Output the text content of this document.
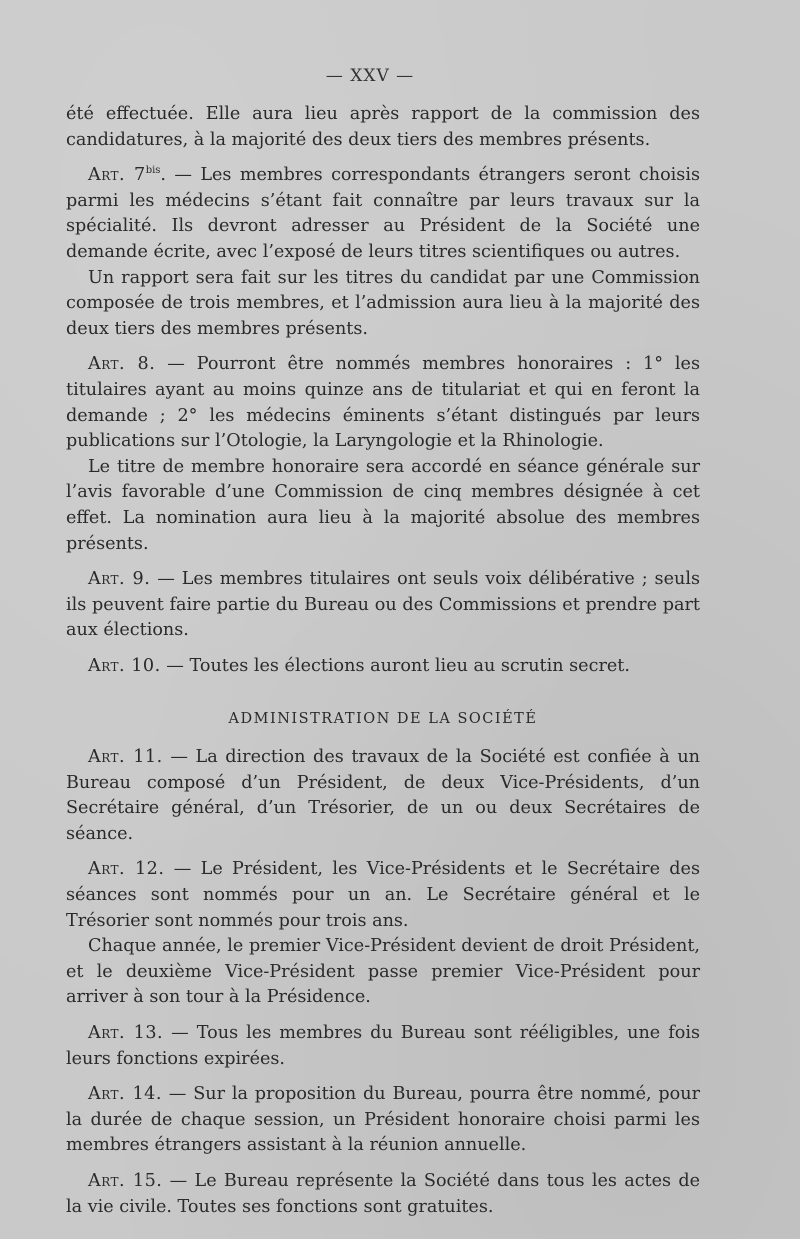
— XXV —

été effectuée. Elle aura lieu après rapport de la commission des candidatures, à la majorité des deux tiers des membres présents.

Art. $7^{bis}$. — Les membres correspondants étrangers seront choisis parmi les médecins s’étant fait connaître par leurs travaux sur la spécialité. Ils devront adresser au Président de la Société une demande écrite, avec l’exposé de leurs titres scientifiques ou autres.

Un rapport sera fait sur les titres du candidat par une Commission composée de trois membres, et l’admission aura lieu à la majorité des deux tiers des membres présents.

Art. 8. — Pourront être nommés membres honoraires : 1° les titulaires ayant au moins quinze ans de titulariat et qui en feront la demande ; 2° les médecins éminents s’étant distingués par leurs publications sur l’Otologie, la Laryngologie et la Rhinologie.

Le titre de membre honoraire sera accordé en séance générale sur l’avis favorable d’une Commission de cinq membres désignée à cet effet. La nomination aura lieu à la majorité absolue des membres présents.

Art. 9. — Les membres titulaires ont seuls voix délibérative ; seuls ils peuvent faire partie du Bureau ou des Commissions et prendre part aux élections.

Art. 10. — Toutes les élections auront lieu au scrutin secret.

ADMINISTRATION DE LA SOCIÉTÉ

Art. 11. — La direction des travaux de la Société est confiée à un Bureau composé d’un Président, de deux Vice-Présidents, d’un Secrétaire général, d’un Trésorier, de un ou deux Secrétaires de séance.

Art. 12. — Le Président, les Vice-Présidents et le Secrétaire des séances sont nommés pour un an. Le Secrétaire général et le Trésorier sont nommés pour trois ans.

Chaque année, le premier Vice-Président devient de droit Président, et le deuxième Vice-Président passe premier Vice-Président pour arriver à son tour à la Présidence.

Art. 13. — Tous les membres du Bureau sont rééligibles, une fois leurs fonctions expirées.

Art. 14. — Sur la proposition du Bureau, pourra être nommé, pour la durée de chaque session, un Président honoraire choisi parmi les membres étrangers assistant à la réunion annuelle.

Art. 15. — Le Bureau représente la Société dans tous les actes de la vie civile. Toutes ses fonctions sont gratuites.
